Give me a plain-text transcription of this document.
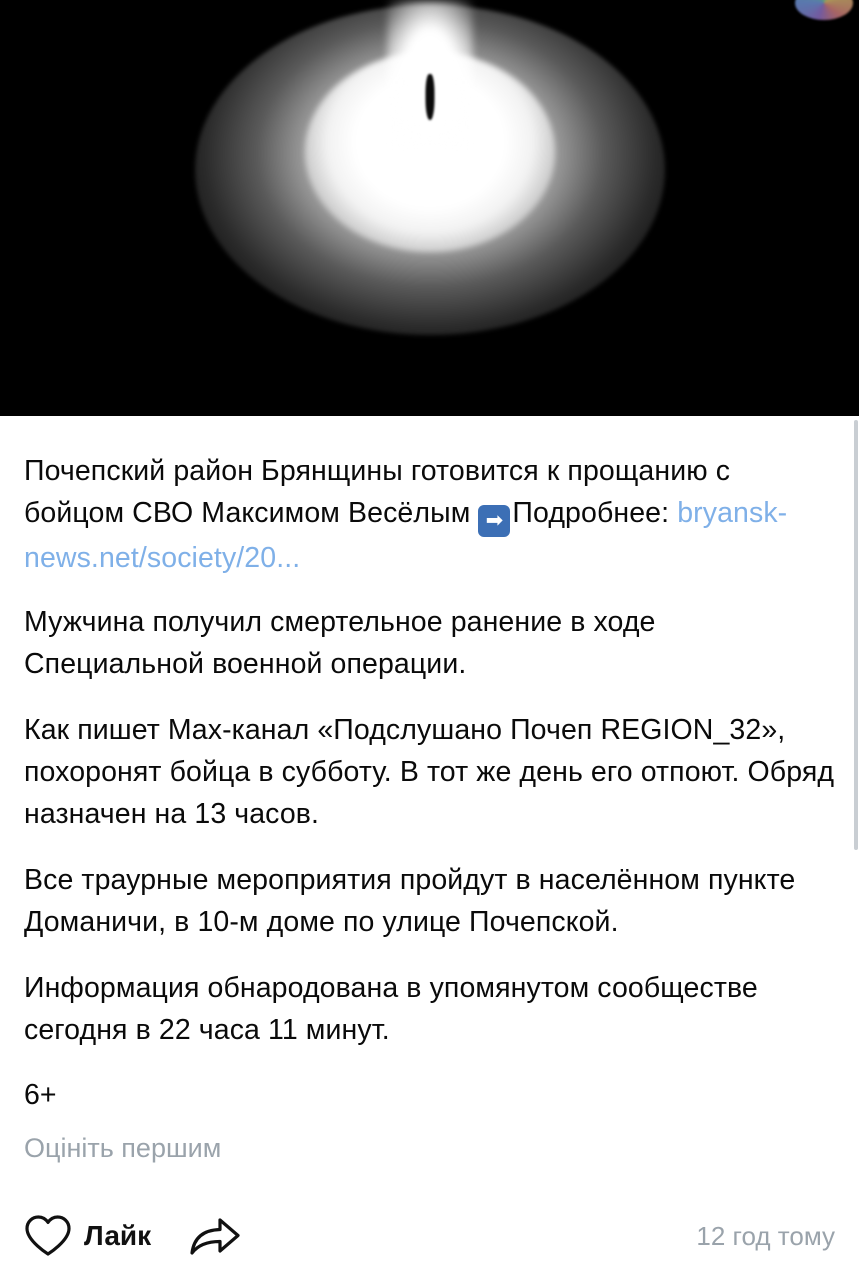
Почепский район Брянщины готовится к прощанию с бойцом СВО Максимом Весёлым ➡ Подробнее: bryansk-news.net/society/20...

Мужчина получил смертельное ранение в ходе Специальной военной операции.

Как пишет Max-канал «Подслушано Почеп REGION_32», похоронят бойца в субботу. В тот же день его отпоют. Обряд назначен на 13 часов.

Все траурные мероприятия пройдут в населённом пункте Доманичи, в 10-м доме по улице Почепской.

Информация обнародована в упомянутом сообществе сегодня в 22 часа 11 минут.

6+

Оцініть першим

Лайк	12 год тому
